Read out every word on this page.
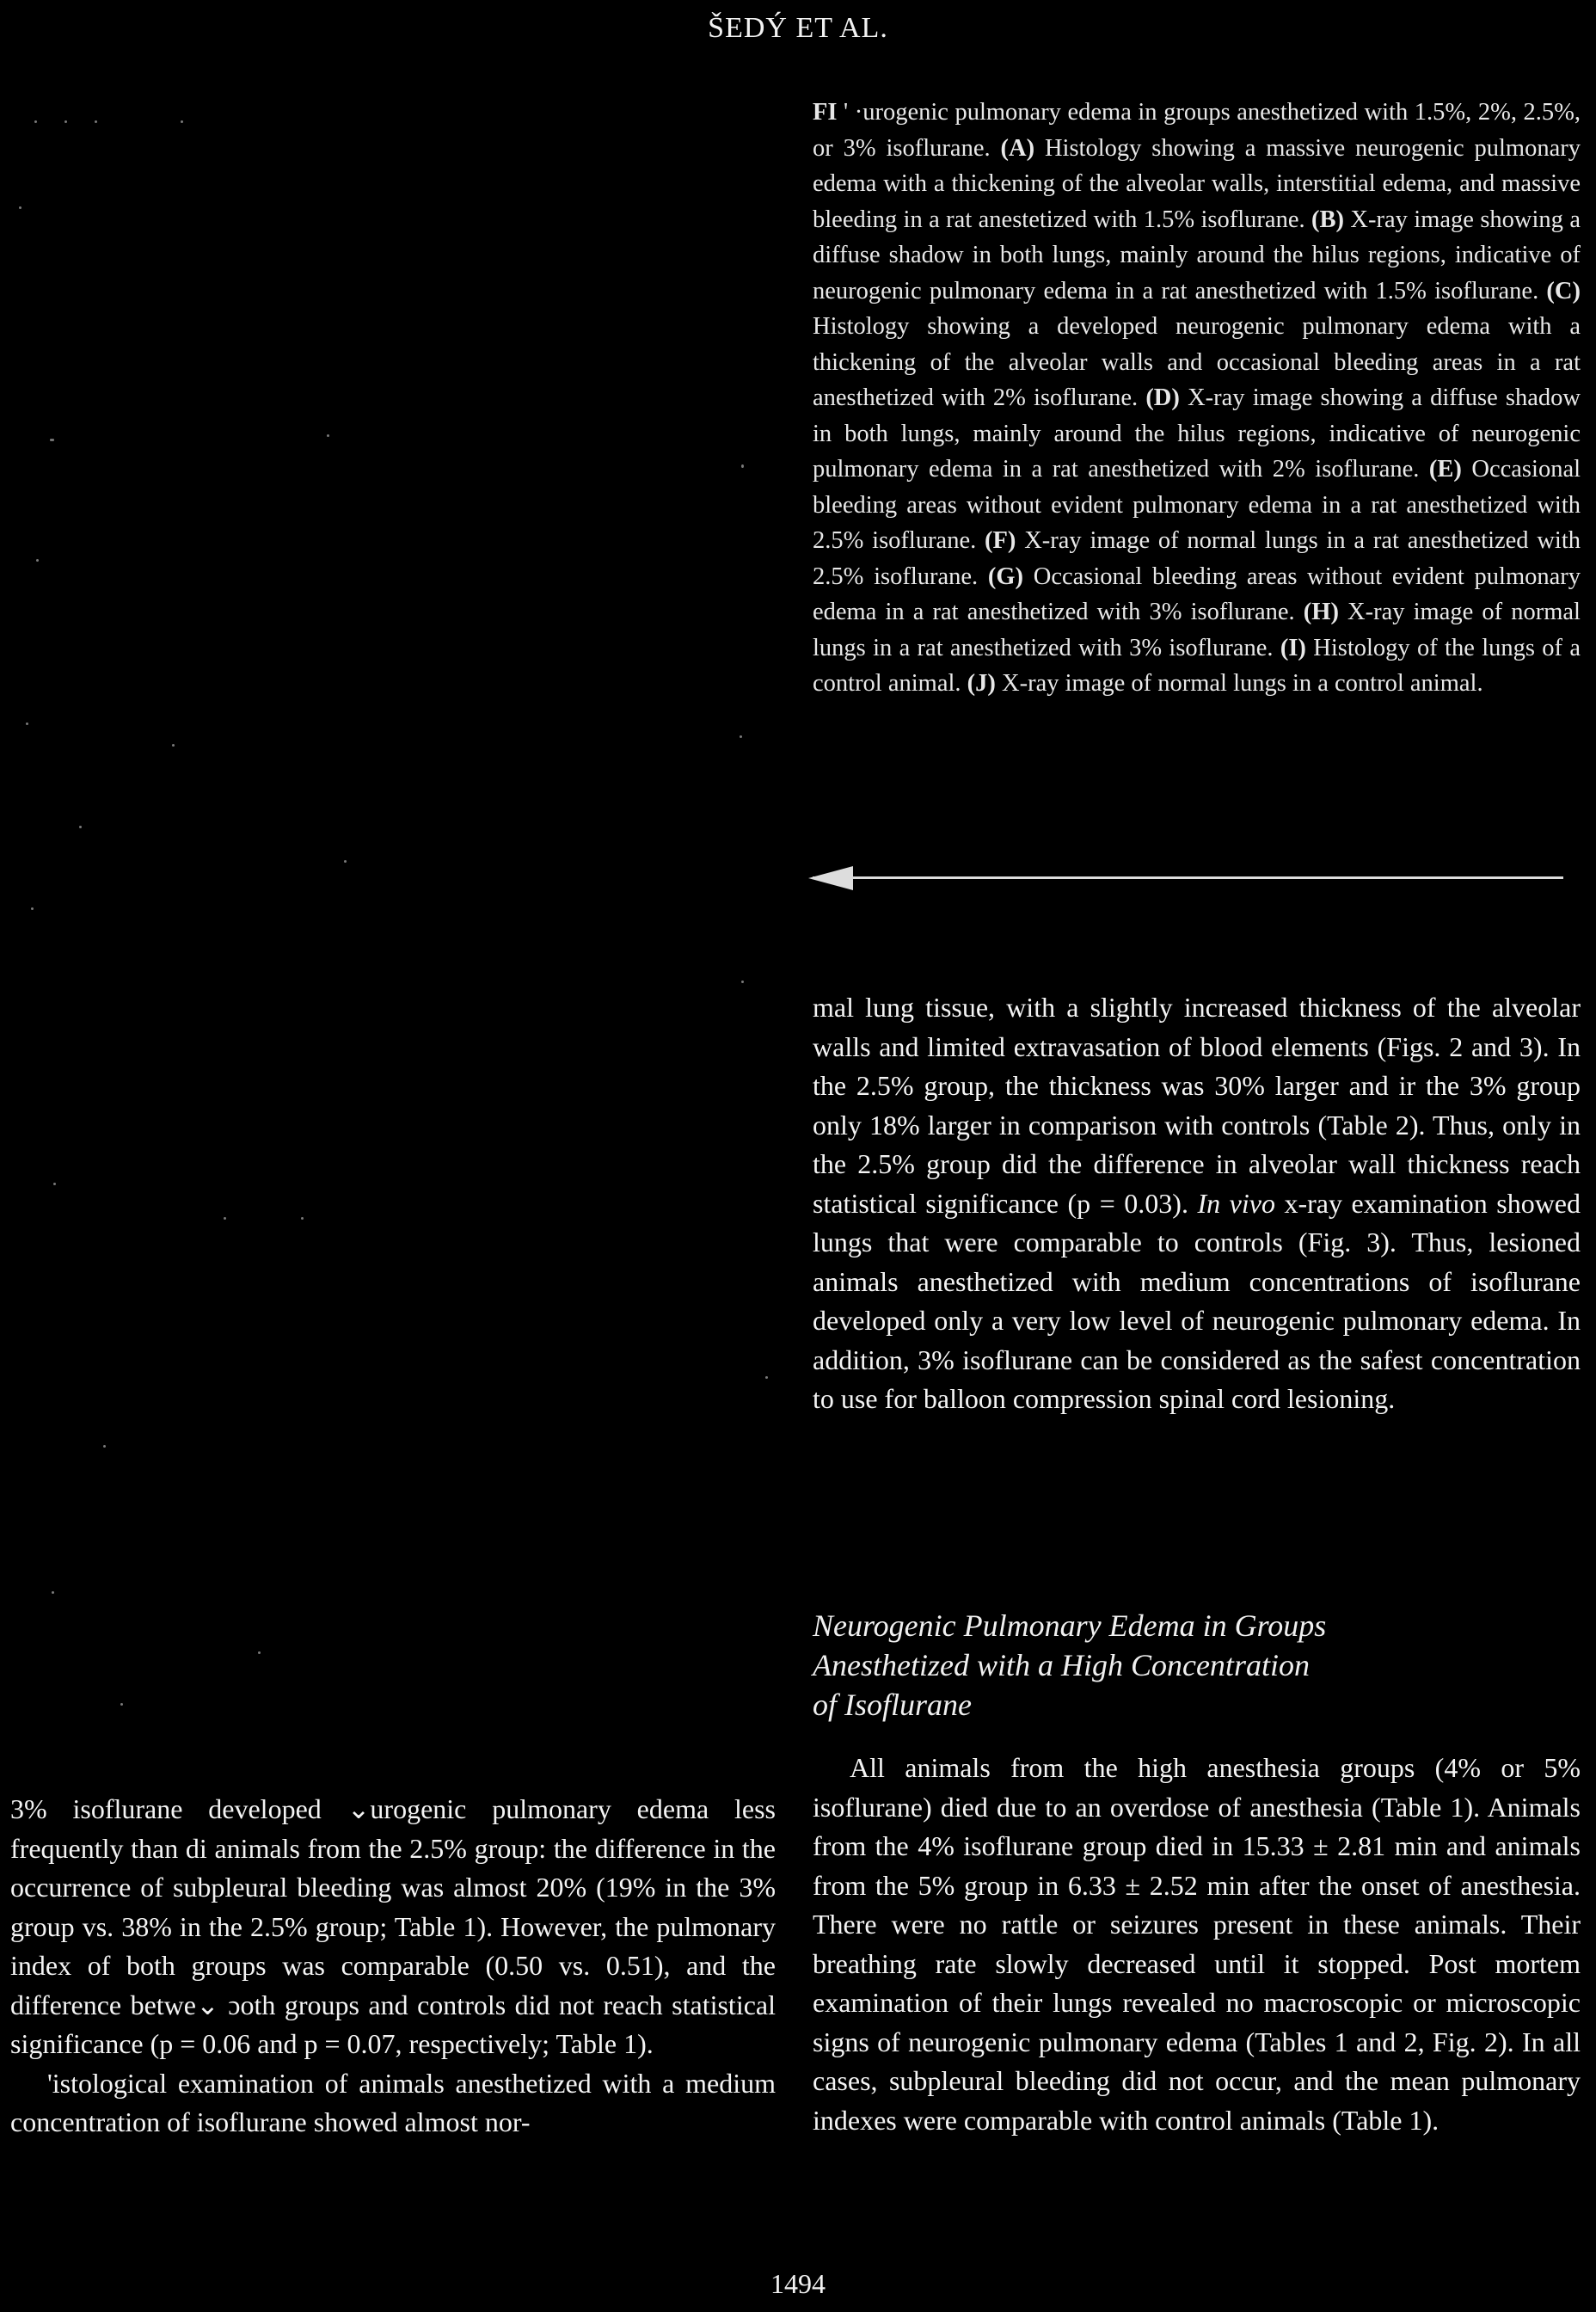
ŠEDÝ ET AL.
FI ' ·urogenic pulmonary edema in groups anesthetized with 1.5%, 2%, 2.5%, or 3% isoflurane. (A) Histology showing a massive neurogenic pulmonary edema with a thickening of the alveolar walls, interstitial edema, and massive bleeding in a rat anestetized with 1.5% isoflurane. (B) X-ray image showing a diffuse shadow in both lungs, mainly around the hilus regions, indicative of neurogenic pulmonary edema in a rat anesthetized with 1.5% isoflurane. (C) Histology showing a developed neurogenic pulmonary edema with a thickening of the alveolar walls and occasional bleeding areas in a rat anesthetized with 2% isoflurane. (D) X-ray image showing a diffuse shadow in both lungs, mainly around the hilus regions, indicative of neurogenic pulmonary edema in a rat anesthetized with 2% isoflurane. (E) Occasional bleeding areas without evident pulmonary edema in a rat anesthetized with 2.5% isoflurane. (F) X-ray image of normal lungs in a rat anesthetized with 2.5% isoflurane. (G) Occasional bleeding areas without evident pulmonary edema in a rat anesthetized with 3% isoflurane. (H) X-ray image of normal lungs in a rat anesthetized with 3% isoflurane. (I) Histology of the lungs of a control animal. (J) X-ray image of normal lungs in a control animal.
mal lung tissue, with a slightly increased thickness of the alveolar walls and limited extravasation of blood elements (Figs. 2 and 3). In the 2.5% group, the thickness was 30% larger and ir the 3% group only 18% larger in comparison with controls (Table 2). Thus, only in the 2.5% group did the difference in alveolar wall thickness reach statistical significance (p = 0.03). In vivo x-ray examination showed lungs that were comparable to controls (Fig. 3). Thus, lesioned animals anesthetized with medium concentrations of isoflurane developed only a very low level of neurogenic pulmonary edema. In addition, 3% isoflurane can be considered as the safest concentration to use for balloon compression spinal cord lesioning.
Neurogenic Pulmonary Edema in Groups
Anesthetized with a High Concentration
of Isoflurane
All animals from the high anesthesia groups (4% or 5% isoflurane) died due to an overdose of anesthesia (Table 1). Animals from the 4% isoflurane group died in 15.33 ± 2.81 min and animals from the 5% group in 6.33 ± 2.52 min after the onset of anesthesia. There were no rattle or seizures present in these animals. Their breathing rate slowly decreased until it stopped. Post mortem examination of their lungs revealed no macroscopic or microscopic signs of neurogenic pulmonary edema (Tables 1 and 2, Fig. 2). In all cases, subpleural bleeding did not occur, and the mean pulmonary indexes were comparable with control animals (Table 1).

3% isoflurane developed ⌄urogenic pulmonary edema less frequently than di animals from the 2.5% group: the difference in the occurrence of subpleural bleeding was almost 20% (19% in the 3% group vs. 38% in the 2.5% group; Table 1). However, the pulmonary index of both groups was comparable (0.50 vs. 0.51), and the difference betwe⌄ ɔoth groups and controls did not reach statistical significance (p = 0.06 and p = 0.07, respectively; Table 1).

'istological examination of animals anesthetized with a medium concentration of isoflurane showed almost nor-

1494
